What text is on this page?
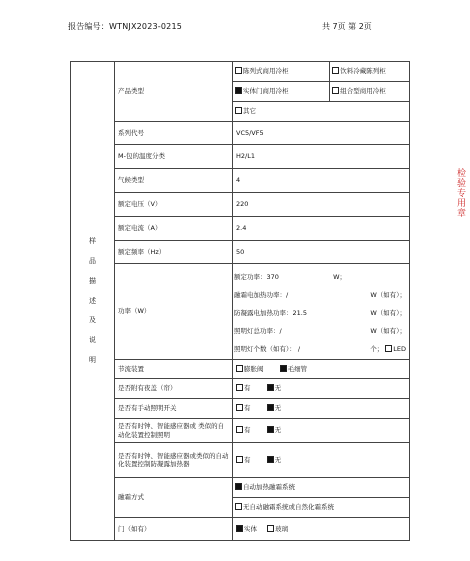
报告编号：WTNJX2023-0215	共 7页 第 2页
样
品
描
述
及
说
明
	产品类型	
陈列式商用冷柜	饮料冷藏陈列柜
实体门商用冷柜	组合型商用冷柜
其它

系列代号	VC5/VF5
M-包的温度分类	H2/L1
气候类型	4
额定电压（V）	220
额定电流（A）	2.4
额定频率（Hz）	50
功率（W）	
额定功率：370	W；
融霜电加热功率：/	W（如有）；
防凝露电加热功率：21.5	W（如有）；
照明灯总功率：/	W（如有）；
照明灯个数（如有）： /	个； LED

节流装置	膨胀阀	毛细管
是否附有夜盖（帘）	有	无
是否有手动照明开关	有	无
是否有时钟、智能感应器或 类似的自动化装置控制照明	有	无
是否有时钟、智能感应器或类似的自动化装置控制防凝露加热器	有	无
融霜方式	
自动加热融霜系统
无自动融霜系统或自然化霜系统

门（如有）	实体	玻璃
检
验
专
用
章
